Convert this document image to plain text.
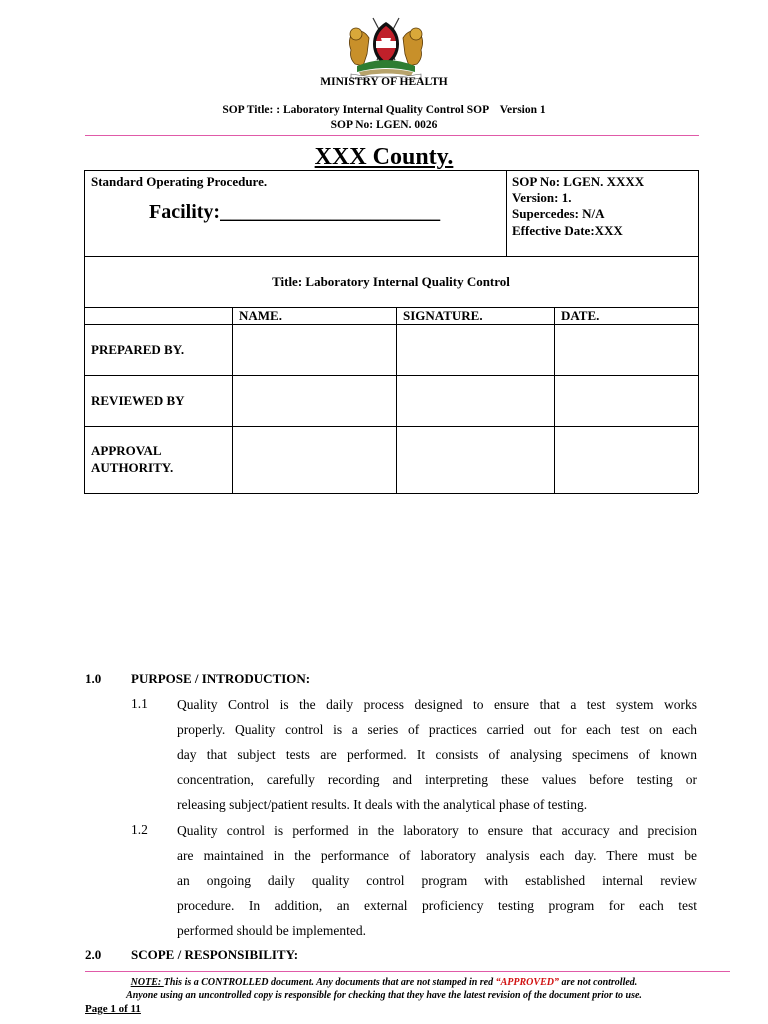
MINISTRY OF HEALTH
SOP Title: : Laboratory Internal Quality Control SOP    Version 1
SOP No: LGEN. 0026
XXX County.
Standard Operating Procedure.
Facility:______________________
SOP No: LGEN. XXXX
Version: 1.
Supercedes: N/A
Effective Date:XXX
Title: Laboratory Internal Quality Control
NAME.	SIGNATURE.	DATE.
PREPARED BY.
REVIEWED BY
APPROVAL
AUTHORITY.
1.0 PURPOSE / INTRODUCTION:
1.1 Quality Control is the daily process designed to ensure that a test system works
properly. Quality control is a series of practices carried out for each test on each
day that subject tests are performed. It consists of analysing specimens of known
concentration, carefully recording and interpreting these values before testing or
releasing subject/patient results. It deals with the analytical phase of testing.
1.2 Quality control is performed in the laboratory to ensure that accuracy and precision
are maintained in the performance of laboratory analysis each day. There must be
an ongoing daily quality control program with established internal review
procedure. In addition, an external proficiency testing program for each test
performed should be implemented.
2.0 SCOPE / RESPONSIBILITY:
NOTE: This is a CONTROLLED document. Any documents that are not stamped in red “APPROVED” are not controlled.
Anyone using an uncontrolled copy is responsible for checking that they have the latest revision of the document prior to use.
Page 1 of 11
